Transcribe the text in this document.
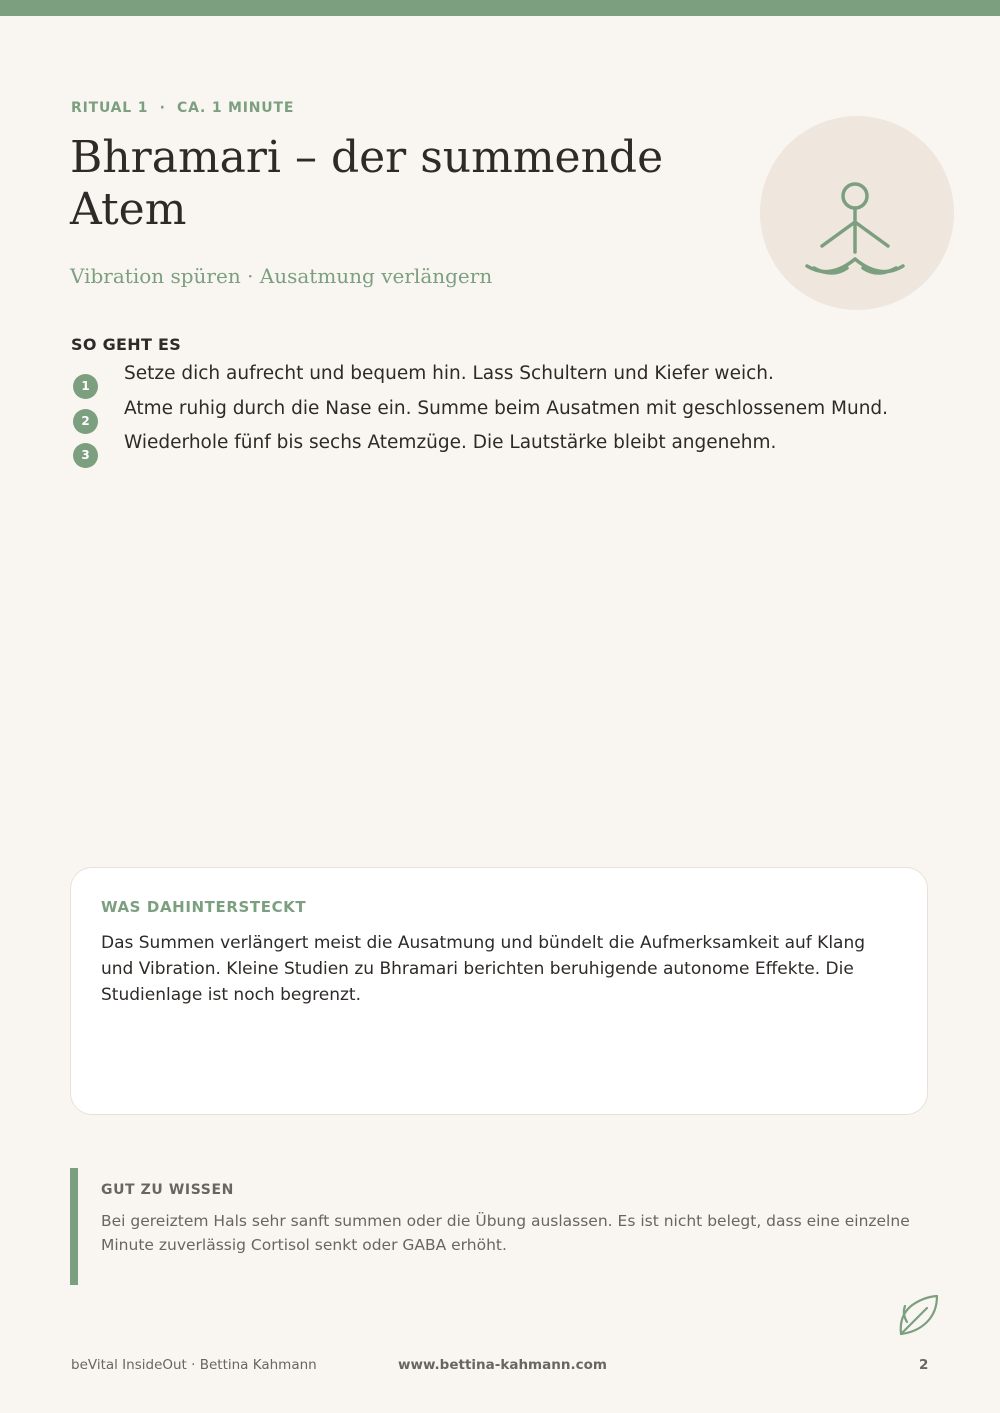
RITUAL 1  ·  CA. 1 MINUTE
Bhramari – der summende Atem
Vibration spüren · Ausatmung verlängern
SO GEHT ES
1
Setze dich aufrecht und bequem hin. Lass Schultern und Kiefer weich.
2
Atme ruhig durch die Nase ein. Summe beim Ausatmen mit geschlossenem Mund.
3
Wiederhole fünf bis sechs Atemzüge. Die Lautstärke bleibt angenehm.
WAS DAHINTERSTECKT

Das Summen verlängert meist die Ausatmung und bündelt die Aufmerksamkeit auf Klang und Vibration. Kleine Studien zu Bhramari berichten beruhigende autonome Effekte. Die Studienlage ist noch begrenzt.

GUT ZU WISSEN

Bei gereiztem Hals sehr sanft summen oder die Übung auslassen. Es ist nicht belegt, dass eine einzelne Minute zuverlässig Cortisol senkt oder GABA erhöht.

beVital InsideOut · Bettina Kahmann	www.bettina-kahmann.com	2
